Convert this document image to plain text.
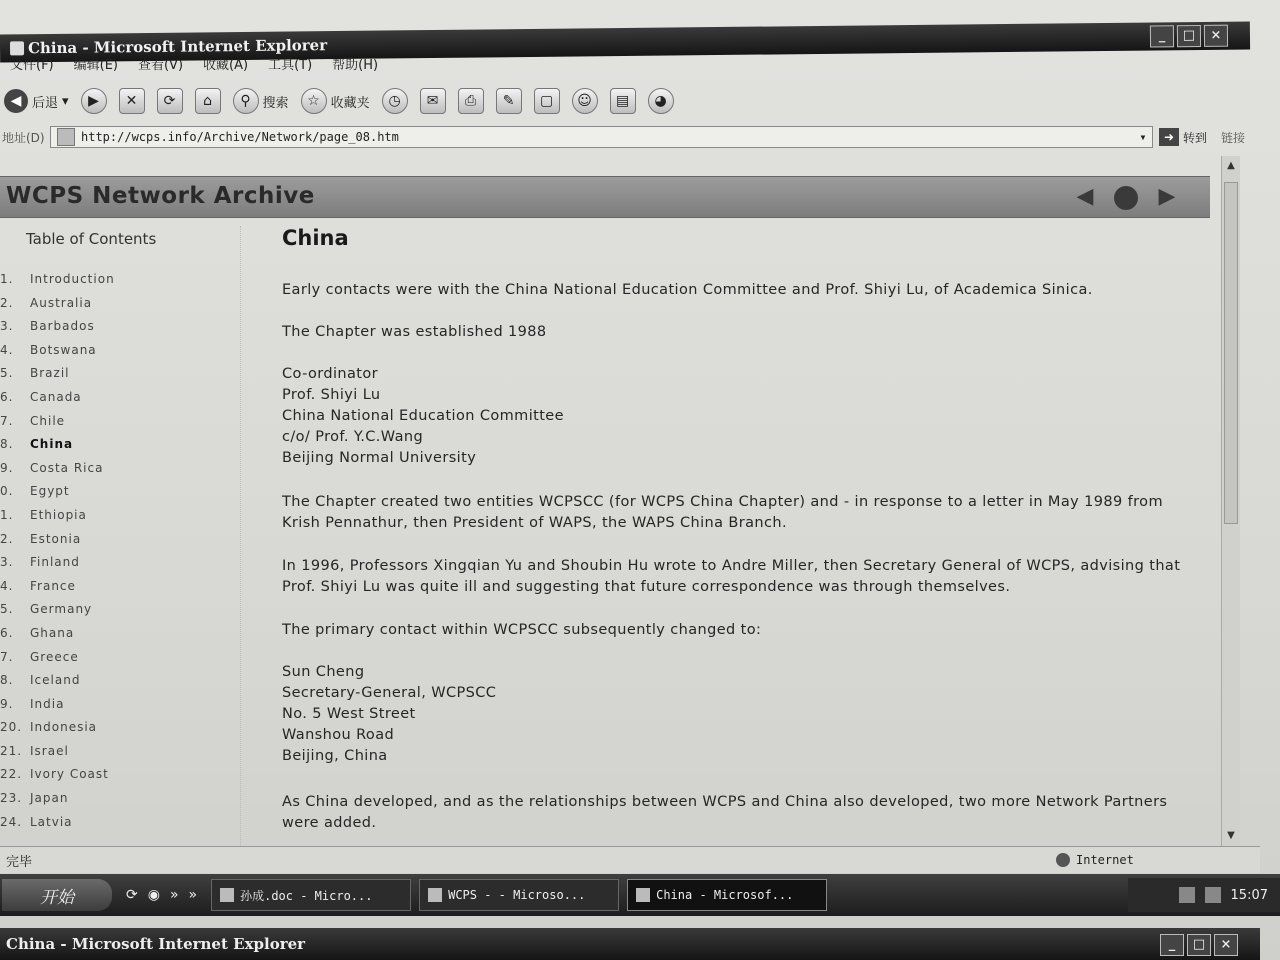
China - Microsoft Internet Explorer
_	□	×
文件(F) 编辑(E) 查看(V) 收藏(A) 工具(T) 帮助(H)
◀ 后退 ▾	▶	✕	⟳	⌂	⚲ 搜索	☆ 收藏夹	◷	✉	⎙	✎	▢	☺	▤	◕
地址(D)	http://wcps.info/Archive/Network/page_08.htm	▾	➜ 转到 链接
WCPS Network Archive	◀	▶
Table of Contents
1.	Introduction
2.	Australia
3.	Barbados
4.	Botswana
5.	Brazil
6.	Canada
7.	Chile
8.	China
9.	Costa Rica
0.	Egypt
1.	Ethiopia
2.	Estonia
3.	Finland
4.	France
5.	Germany
6.	Ghana
7.	Greece
8.	Iceland
9.	India
20. Indonesia
21. Israel
22. Ivory Coast
23. Japan
24. Latvia
China

Early contacts were with the China National Education Committee and Prof. Shiyi Lu, of Academica Sinica.

The Chapter was established 1988

Co-ordinator

Prof. Shiyi Lu

China National Education Committee

c/o/ Prof. Y.C.Wang

Beijing Normal University

The Chapter created two entities WCPSCC (for WCPS China Chapter) and - in response to a letter in May 1989 from Krish Pennathur, then President of WAPS, the WAPS China Branch.

In 1996, Professors Xingqian Yu and Shoubin Hu wrote to Andre Miller, then Secretary General of WCPS, advising that Prof. Shiyi Lu was quite ill and suggesting that future correspondence was through themselves.

The primary contact within WCPSCC subsequently changed to:

Sun Cheng

Secretary-General, WCPSCC

No. 5 West Street

Wanshou Road

Beijing, China

As China developed, and as the relationships between WCPS and China also developed, two more Network Partners were added.

▲
▼
完毕	Internet
开始	⟳ ◉ » »	孙成.doc - Micro...	WCPS - - Microso...	China - Microsof...	15:07
China - Microsoft Internet Explorer	_	□	×
